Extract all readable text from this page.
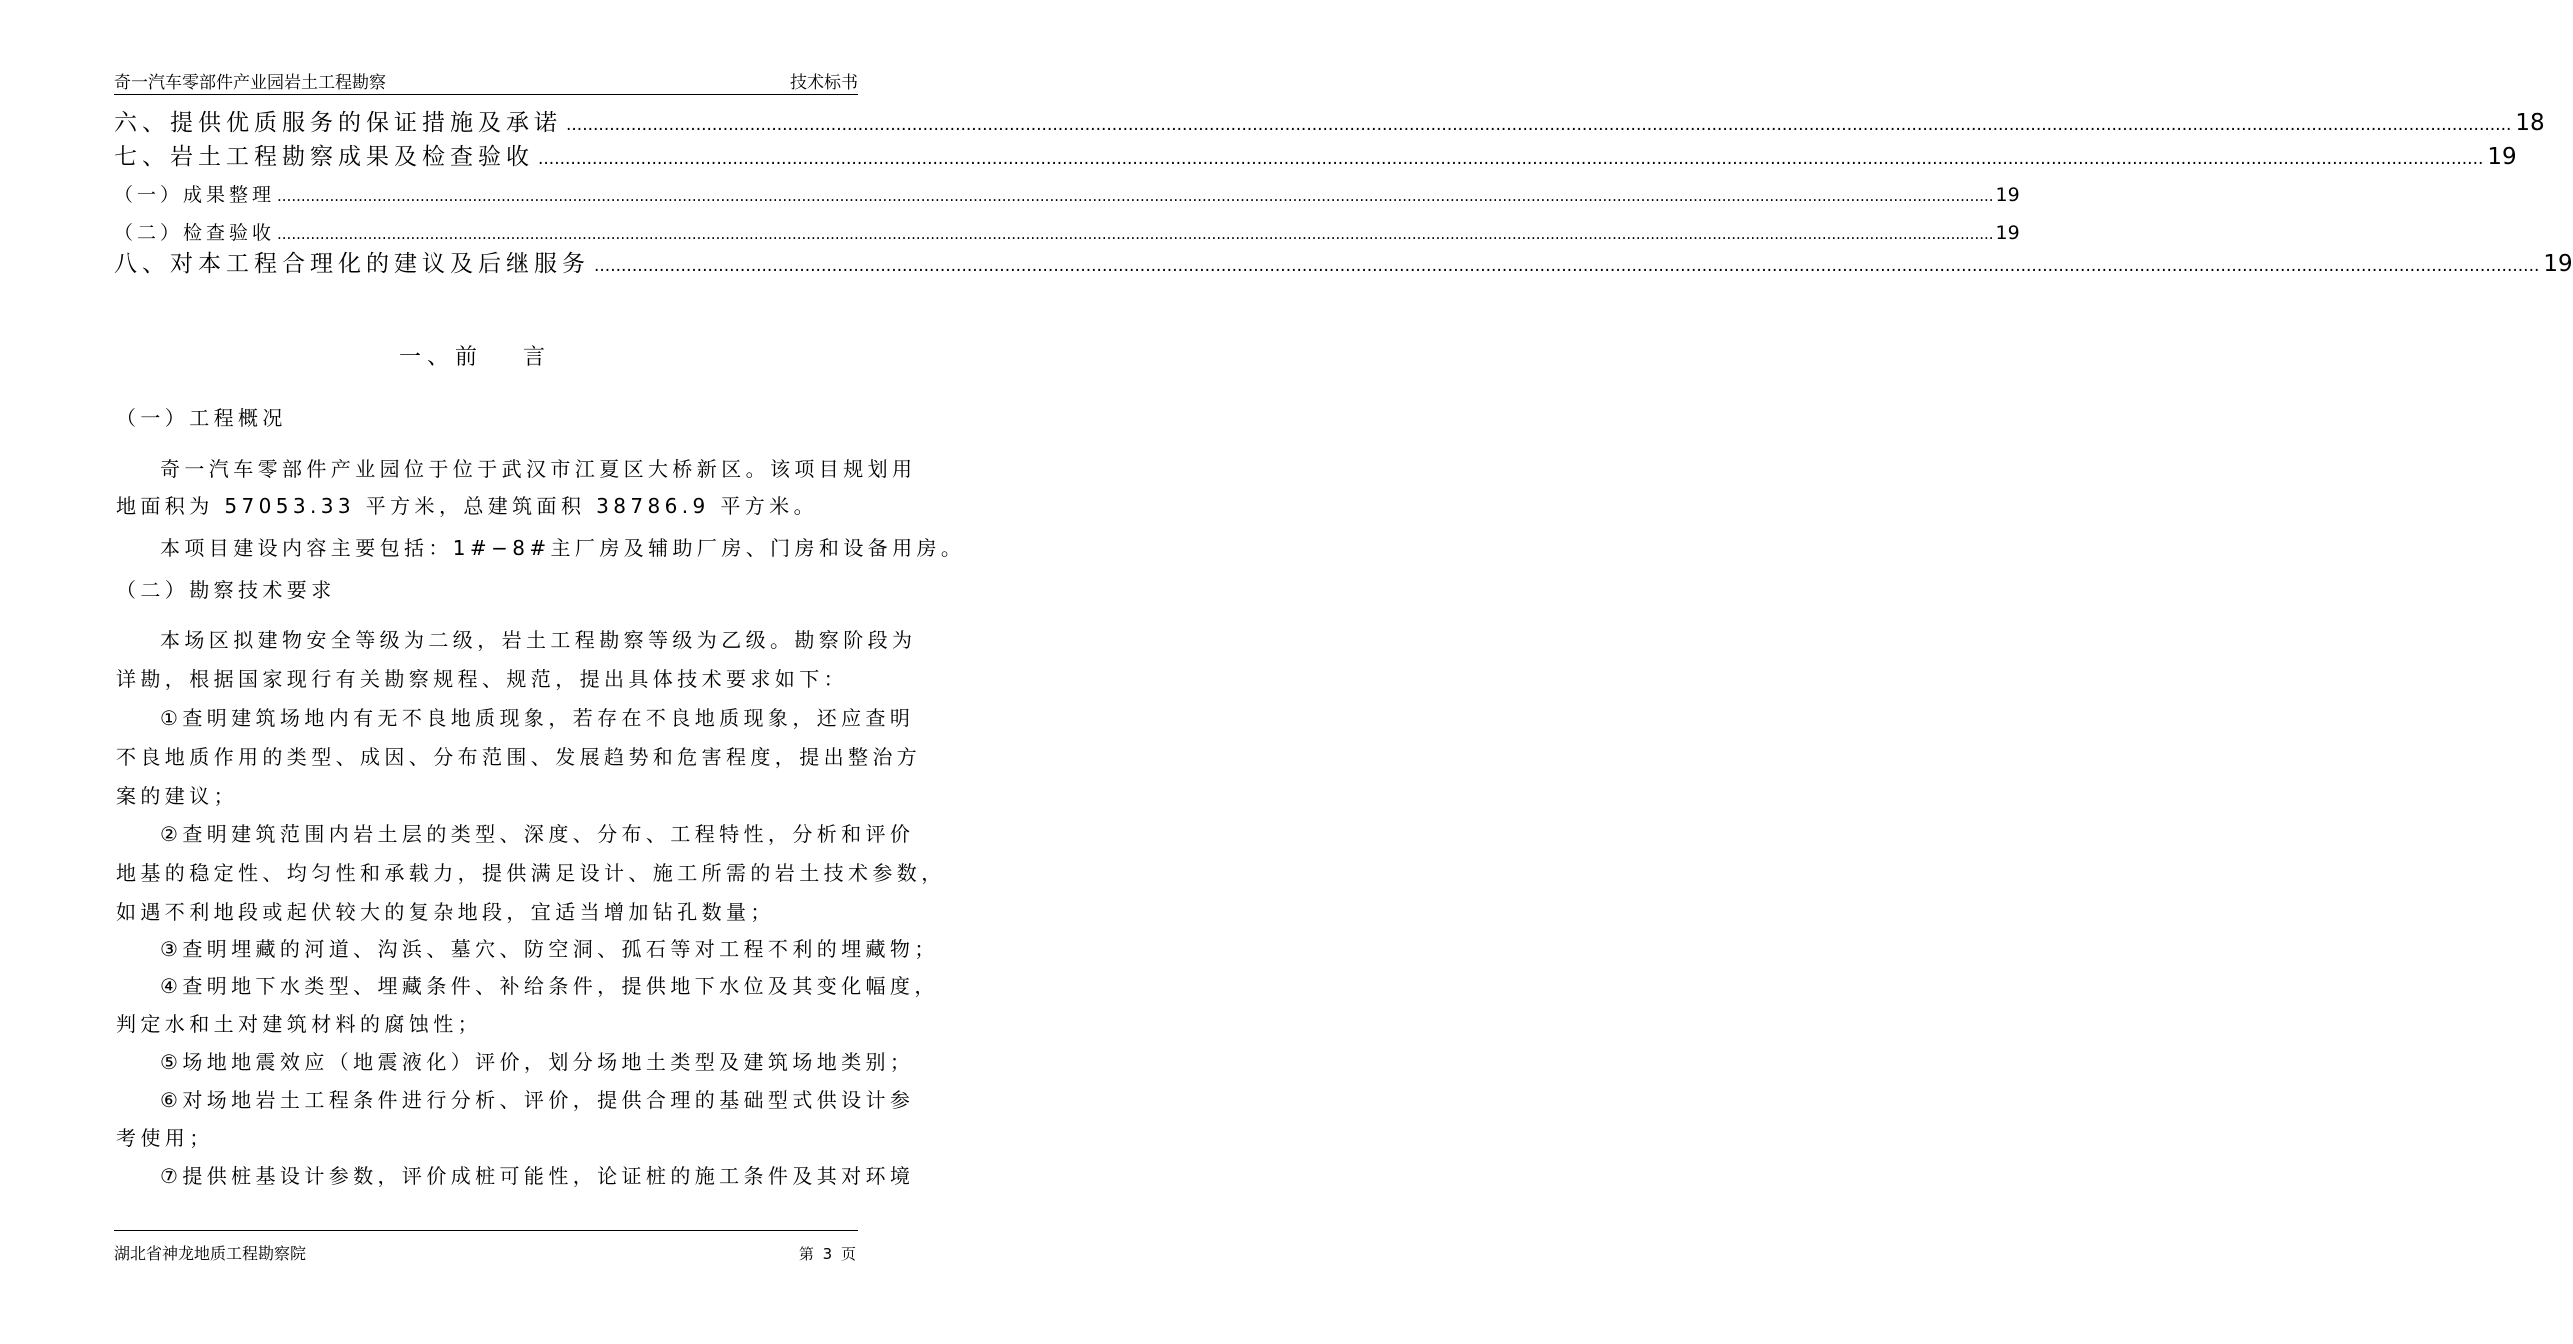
奇一汽车零部件产业园岩土工程勘察	技术标书
六、提供优质服务的保证措施及承诺 .....	18
七、岩土工程勘察成果及检查验收 .....	19
（一）成果整理 .....	19
（二）检查验收 .....	19
八、对本工程合理化的建议及后继服务 .....	19
一、前 言
（一）工程概况
奇一汽车零部件产业园位于位于武汉市江夏区大桥新区。该项目规划用
地面积为 57053.33 平方米，总建筑面积 38786.9 平方米。
本项目建设内容主要包括：1#−8#主厂房及辅助厂房、门房和设备用房。
（二）勘察技术要求
本场区拟建物安全等级为二级，岩土工程勘察等级为乙级。勘察阶段为
详勘，根据国家现行有关勘察规程、规范，提出具体技术要求如下：
①查明建筑场地内有无不良地质现象，若存在不良地质现象，还应查明
不良地质作用的类型、成因、分布范围、发展趋势和危害程度，提出整治方
案的建议；
②查明建筑范围内岩土层的类型、深度、分布、工程特性，分析和评价
地基的稳定性、均匀性和承载力，提供满足设计、施工所需的岩土技术参数，
如遇不利地段或起伏较大的复杂地段，宜适当增加钻孔数量；
③查明埋藏的河道、沟浜、墓穴、防空洞、孤石等对工程不利的埋藏物；
④查明地下水类型、埋藏条件、补给条件，提供地下水位及其变化幅度，
判定水和土对建筑材料的腐蚀性；
⑤场地地震效应（地震液化）评价，划分场地土类型及建筑场地类别；
⑥对场地岩土工程条件进行分析、评价，提供合理的基础型式供设计参
考使用；
⑦提供桩基设计参数，评价成桩可能性，论证桩的施工条件及其对环境
湖北省神龙地质工程勘察院	第 3 页
